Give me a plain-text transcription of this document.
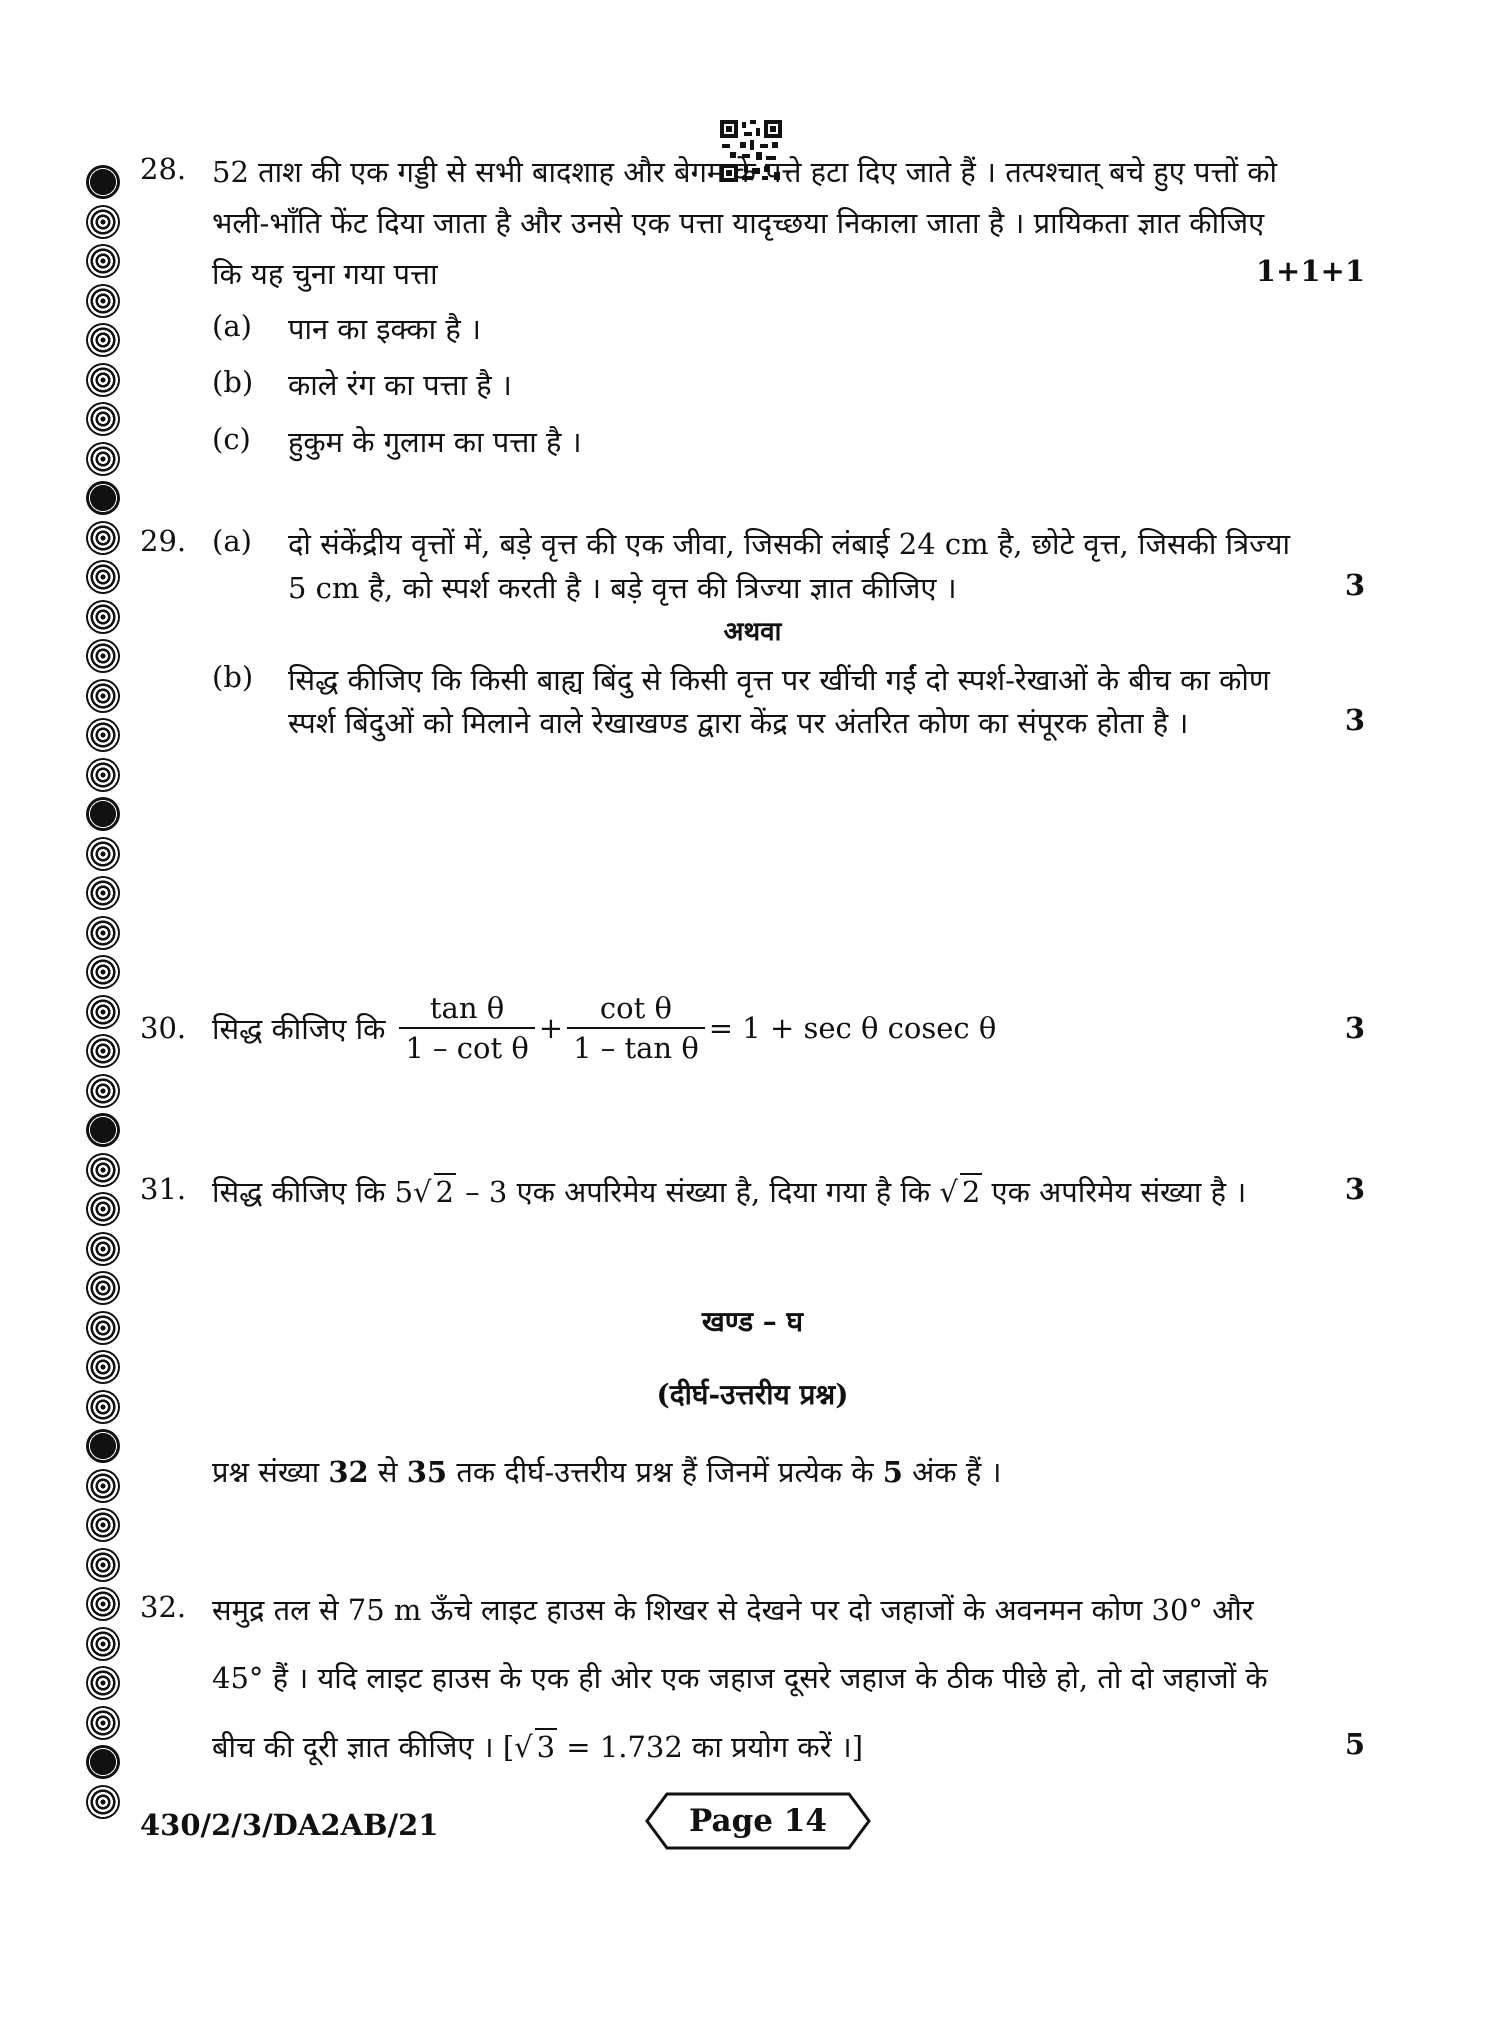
28. 52 ताश की एक गड्डी से सभी बादशाह और बेगम के पत्ते हटा दिए जाते हैं । तत्पश्चात् बचे हुए पत्तों को
भली-भाँति फेंट दिया जाता है और उनसे एक पत्ता यादृच्छया निकाला जाता है । प्रायिकता ज्ञात कीजिए
कि यह चुना गया पत्ता	1+1+1
(a) पान का इक्का है ।
(b) काले रंग का पत्ता है ।
(c) हुकुम के गुलाम का पत्ता है ।
29. (a) दो संकेंद्रीय वृत्तों में, बड़े वृत्त की एक जीवा, जिसकी लंबाई 24 cm है, छोटे वृत्त, जिसकी त्रिज्या
5 cm है, को स्पर्श करती है । बड़े वृत्त की त्रिज्या ज्ञात कीजिए ।	3
अथवा
(b) सिद्ध कीजिए कि किसी बाह्य बिंदु से किसी वृत्त पर खींची गईं दो स्पर्श-रेखाओं के बीच का कोण
स्पर्श बिंदुओं को मिलाने वाले रेखाखण्ड द्वारा केंद्र पर अंतरित कोण का संपूरक होता है ।	3
30. सिद्ध कीजिए कि $\frac{\text{tan θ}}{\text{1 – cot θ}} + \frac{\text{cot θ}}{\text{1 – tan θ}} = 1 + \sec \theta$ cosec θ	3
31. सिद्ध कीजिए कि 5√ 2 – 3 एक अपरिमेय संख्या है, दिया गया है कि √ 2 एक अपरिमेय संख्या है ।	3
खण्ड – घ
(दीर्घ-उत्तरीय प्रश्न)
प्रश्न संख्या 32 से 35 तक दीर्घ-उत्तरीय प्रश्न हैं जिनमें प्रत्येक के 5 अंक हैं ।
32. समुद्र तल से 75 m ऊँचे लाइट हाउस के शिखर से देखने पर दो जहाजों के अवनमन कोण 30° और
45° हैं । यदि लाइट हाउस के एक ही ओर एक जहाज दूसरे जहाज के ठीक पीछे हो, तो दो जहाजों के
बीच की दूरी ज्ञात कीजिए । [√ 3 = 1.732 का प्रयोग करें ।]	5
430/2/3/DA2AB/21	Page 14
